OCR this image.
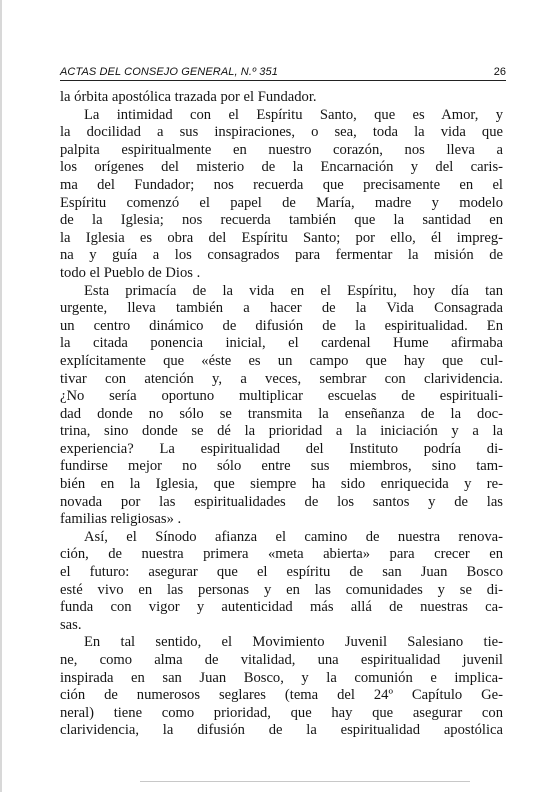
ACTAS DEL CONSEJO GENERAL, N.º 351	26
la órbita apostólica trazada por el Fundador.
La intimidad con el Espíritu Santo, que es Amor, y
la docilidad a sus inspiraciones, o sea, toda la vida que
palpita espiritualmente en nuestro corazón, nos lleva a
los orígenes del misterio de la Encarnación y del caris-
ma del Fundador; nos recuerda que precisamente en el
Espíritu comenzó el papel de María, madre y modelo
de la Iglesia; nos recuerda también que la santidad en
la Iglesia es obra del Espíritu Santo; por ello, él impreg-
na y guía a los consagrados para fermentar la misión de
todo el Pueblo de Dios .
Esta primacía de la vida en el Espíritu, hoy día tan
urgente, lleva también a hacer de la Vida Consagrada
un centro dinámico de difusión de la espiritualidad. En
la citada ponencia inicial, el cardenal Hume afirmaba
explícitamente que «éste es un campo que hay que cul-
tivar con atención y, a veces, sembrar con clarividencia.
¿No sería oportuno multiplicar escuelas de espirituali-
dad donde no sólo se transmita la enseñanza de la doc-
trina, sino donde se dé la prioridad a la iniciación y a la
experiencia? La espiritualidad del Instituto podría di-
fundirse mejor no sólo entre sus miembros, sino tam-
bién en la Iglesia, que siempre ha sido enriquecida y re-
novada por las espiritualidades de los santos y de las
familias religiosas» .
Así, el Sínodo afianza el camino de nuestra renova-
ción, de nuestra primera «meta abierta» para crecer en
el futuro: asegurar que el espíritu de san Juan Bosco
esté vivo en las personas y en las comunidades y se di-
funda con vigor y autenticidad más allá de nuestras ca-
sas.
En tal sentido, el Movimiento Juvenil Salesiano tie-
ne, como alma de vitalidad, una espiritualidad juvenil
inspirada en san Juan Bosco, y la comunión e implica-
ción de numerosos seglares (tema del 24º Capítulo Ge-
neral) tiene como prioridad, que hay que asegurar con
clarividencia, la difusión de la espiritualidad apostólica
